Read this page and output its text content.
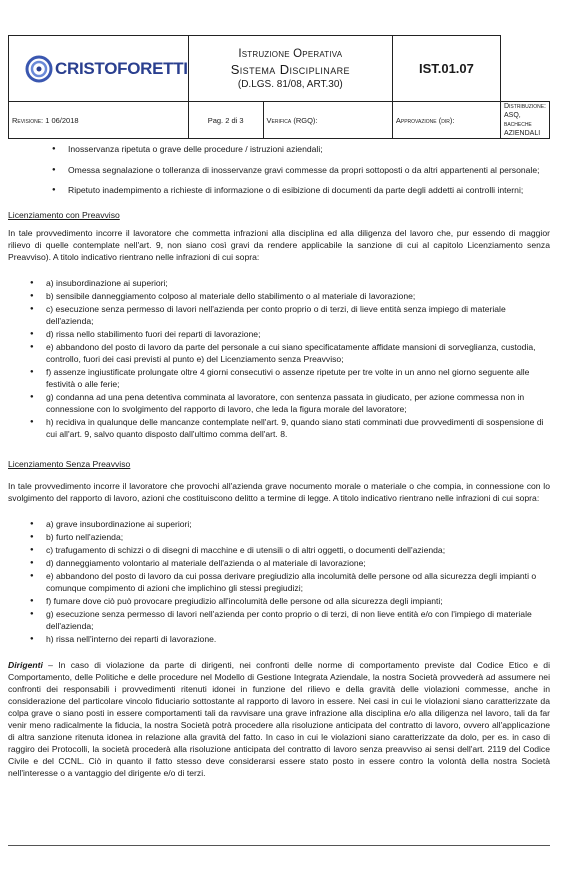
CRISTOFORETTI	Istruzione Operativa
Sistema Disciplinare
(D.LGS. 81/08, ART.30)		IST.01.07	
Revisione: 1 06/2018	Pag. 2 di 3	Verifica (RGQ):	Approvazione (dir):	Distribuzione: ASQ, bacheche AZIENDALI
● Inosservanza ripetuta o grave delle procedure / istruzioni aziendali;
● Omessa segnalazione o tolleranza di inosservanze gravi commesse da propri sottoposti o da altri appartenenti al personale;
● Ripetuto inadempimento a richieste di informazione o di esibizione di documenti da parte degli addetti ai controlli interni;
Licenziamento con Preavviso
In tale provvedimento incorre il lavoratore che commetta infrazioni alla disciplina ed alla diligenza del lavoro che, pur essendo di maggior rilievo di quelle contemplate nell'art. 9, non siano così gravi da rendere applicabile la sanzione di cui al capitolo Licenziamento senza Preavviso). A titolo indicativo rientrano nelle infrazioni di cui sopra:
● a) insubordinazione ai superiori;
● b) sensibile danneggiamento colposo al materiale dello stabilimento o al materiale di lavorazione;
● c) esecuzione senza permesso di lavori nell'azienda per conto proprio o di terzi, di lieve entità senza impiego di materiale dell'azienda;
● d) rissa nello stabilimento fuori dei reparti di lavorazione;
● e) abbandono del posto di lavoro da parte del personale a cui siano specificatamente affidate mansioni di sorveglianza, custodia, controllo, fuori dei casi previsti al punto e) del Licenziamento senza Preavviso;
● f) assenze ingiustificate prolungate oltre 4 giorni consecutivi o assenze ripetute per tre volte in un anno nel giorno seguente alle festività o alle ferie;
● g) condanna ad una pena detentiva comminata al lavoratore, con sentenza passata in giudicato, per azione commessa non in connessione con lo svolgimento del rapporto di lavoro, che leda la figura morale del lavoratore;
● h) recidiva in qualunque delle mancanze contemplate nell'art. 9, quando siano stati comminati due provvedimenti di sospensione di cui all'art. 9, salvo quanto disposto dall'ultimo comma dell'art. 8.
Licenziamento Senza Preavviso
In tale provvedimento incorre il lavoratore che provochi all'azienda grave nocumento morale o materiale o che compia, in connessione con lo svolgimento del rapporto di lavoro, azioni che costituiscono delitto a termine di legge. A titolo indicativo rientrano nelle infrazioni di cui sopra:
● a) grave insubordinazione ai superiori;
● b) furto nell'azienda;
● c) trafugamento di schizzi o di disegni di macchine e di utensili o di altri oggetti, o documenti dell'azienda;
● d) danneggiamento volontario al materiale dell'azienda o al materiale di lavorazione;
● e) abbandono del posto di lavoro da cui possa derivare pregiudizio alla incolumità delle persone od alla sicurezza degli impianti o comunque compimento di azioni che implichino gli stessi pregiudizi;
● f) fumare dove ciò può provocare pregiudizio all'incolumità delle persone od alla sicurezza degli impianti;
● g) esecuzione senza permesso di lavori nell'azienda per conto proprio o di terzi, di non lieve entità e/o con l'impiego di materiale dell'azienda;
● h) rissa nell'interno dei reparti di lavorazione.
Dirigenti – In caso di violazione da parte di dirigenti, nei confronti delle norme di comportamento previste dal Codice Etico e di Comportamento, delle Politiche e delle procedure nel Modello di Gestione Integrata Aziendale, la nostra Società provvederà ad assumere nei confronti dei responsabili i provvedimenti ritenuti idonei in funzione del rilievo e della gravità delle violazioni commesse, anche in considerazione del particolare vincolo fiduciario sottostante al rapporto di lavoro in essere. Nei casi in cui le violazioni siano caratterizzate da colpa grave o siano posti in essere comportamenti tali da ravvisare una grave infrazione alla disciplina e/o alla diligenza nel lavoro, tali da far venir meno radicalmente la fiducia, la nostra Società potrà procedere alla risoluzione anticipata del contratto di lavoro, ovvero all'applicazione di altra sanzione ritenuta idonea in relazione alla gravità del fatto. In caso in cui le violazioni siano caratterizzate da dolo, per es. in caso di raggiro dei Protocolli, la società procederà alla risoluzione anticipata del contratto di lavoro senza preavviso ai sensi dell'art. 2119 del Codice Civile e del CCNL. Ciò in quanto il fatto stesso deve considerarsi essere stato posto in essere contro la volontà della nostra Società nell'interesse o a vantaggio del dirigente e/o di terzi.
